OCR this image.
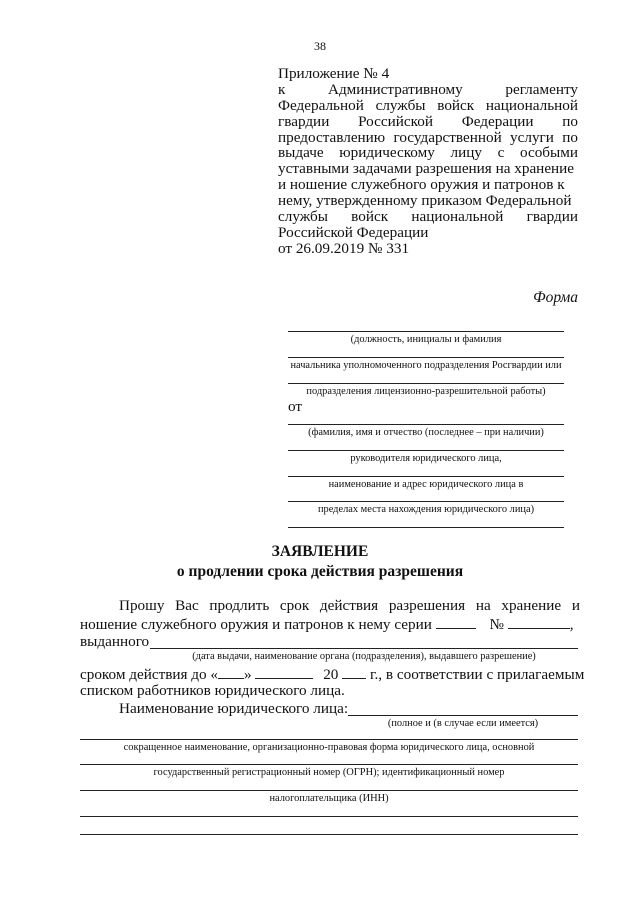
38
Приложение № 4
к	Административному	регламенту
Федеральной службы войск национальной
гвардии Российской Федерации по
предоставлению государственной услуги по
выдаче юридическому лицу с особыми
уставными задачами разрешения на хранение
и ношение служебного оружия и патронов к
нему, утвержденному приказом Федеральной
службы войск национальной гвардии
Российской Федерации
от 26.09.2019 № 331
Форма
(должность, инициалы и фамилия
начальника уполномоченного подразделения Росгвардии или
подразделения лицензионно-разрешительной работы)
от
(фамилия, имя и отчество (последнее – при наличии)
руководителя юридического лица,
наименование и адрес юридического лица в
пределах места нахождения юридического лица)
ЗАЯВЛЕНИЕ
о продлении срока действия разрешения
Прошу Вас продлить срок действия разрешения на хранение и
ношение служебного оружия и патронов к нему серии	№	,
выданного
(дата выдачи, наименование органа (подразделения), выдавшего разрешение)
сроком действия до « »	20 г., в соответствии с прилагаемым
списком работников юридического лица.
Наименование юридического лица:
(полное и (в случае если имеется)
сокращенное наименование, организационно-правовая форма юридического лица, основной
государственный регистрационный номер (ОГРН); идентификационный номер
налогоплательщика (ИНН)
